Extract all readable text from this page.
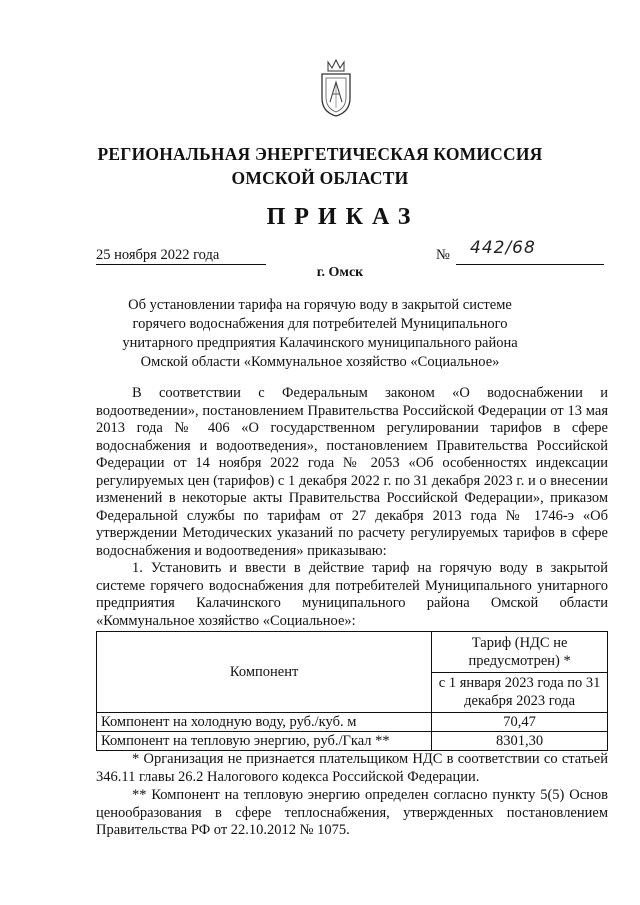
РЕГИОНАЛЬНАЯ ЭНЕРГЕТИЧЕСКАЯ КОМИССИЯ
ОМСКОЙ ОБЛАСТИ
ПРИКАЗ
25 ноября 2022 года	№ 442/68
г. Омск
Об установлении тарифа на горячую воду в закрытой системе горячего водоснабжения для потребителей Муниципального унитарного предприятия Калачинского муниципального района Омской области «Коммунальное хозяйство «Социальное»

В соответствии с Федеральным законом «О водоснабжении и водоотведении», постановлением Правительства Российской Федерации от 13 мая 2013 года № 406 «О государственном регулировании тарифов в сфере водоснабжения и водоотведения», постановлением Правительства Российской Федерации от 14 ноября 2022 года № 2053 «Об особенностях индексации регулируемых цен (тарифов) с 1 декабря 2022 г. по 31 декабря 2023 г. и о внесении изменений в некоторые акты Правительства Российской Федерации», приказом Федеральной службы по тарифам от 27 декабря 2013 года № 1746-э «Об утверждении Методических указаний по расчету регулируемых тарифов в сфере водоснабжения и водоотведения» приказываю:

1. Установить и ввести в действие тариф на горячую воду в закрытой системе горячего водоснабжения для потребителей Муниципального унитарного предприятия Калачинского муниципального района Омской области «Коммунальное хозяйство «Социальное»:

Компонент	Тариф (НДС не предусмотрен) *
	с 1 января 2023 года по 31 декабря 2023 года
Компонент на холодную воду, руб./куб. м	70,47
Компонент на тепловую энергию, руб./Гкал **	8301,30

* Организация не признается плательщиком НДС в соответствии со статьей 346.11 главы 26.2 Налогового кодекса Российской Федерации.

** Компонент на тепловую энергию определен согласно пункту 5(5) Основ ценообразования в сфере теплоснабжения, утвержденных постановлением Правительства РФ от 22.10.2012 № 1075.
